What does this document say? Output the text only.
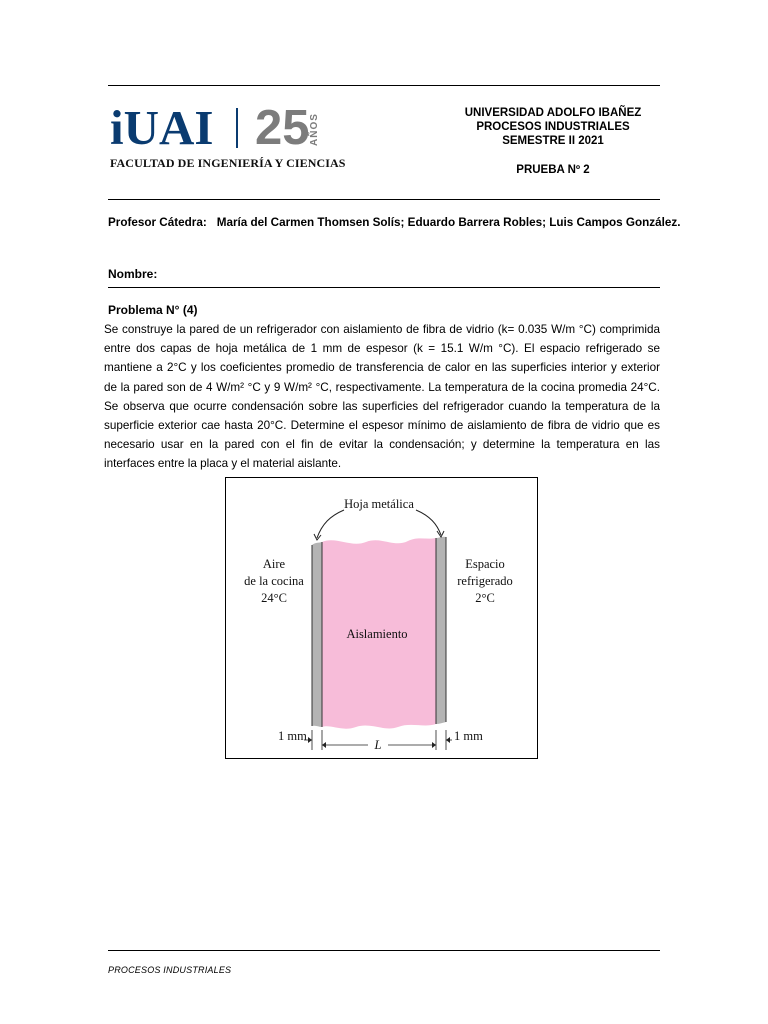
iUAI 25 AÑOS
FACULTAD DE INGENIERÍA Y CIENCIAS
UNIVERSIDAD ADOLFO IBAÑEZ
PROCESOS INDUSTRIALES
SEMESTRE II 2021
PRUEBA Nº 2
Profesor Cátedra: María del Carmen Thomsen Solís; Eduardo Barrera Robles; Luis Campos González.
Nombre:
Problema N° (4)
Se construye la pared de un refrigerador con aislamiento de fibra de vidrio (k= 0.035 W/m °C) comprimida entre dos capas de hoja metálica de 1 mm de espesor (k = 15.1 W/m °C). El espacio refrigerado se mantiene a 2°C y los coeficientes promedio de transferencia de calor en las superficies interior y exterior de la pared son de 4 W/m² °C y 9 W/m² °C, respectivamente. La temperatura de la cocina promedia 24°C. Se observa que ocurre condensación sobre las superficies del refrigerador cuando la temperatura de la superficie exterior cae hasta 20°C. Determine el espesor mínimo de aislamiento de fibra de vidrio que es necesario usar en la pared con el fin de evitar la condensación; y determine la temperatura en las interfaces entre la placa y el material aislante.
Hoja metálica
Aire
de la cocina
24°C
Espacio
refrigerado
2°C
Aislamiento
1 mm
L
1 mm
PROCESOS INDUSTRIALES
